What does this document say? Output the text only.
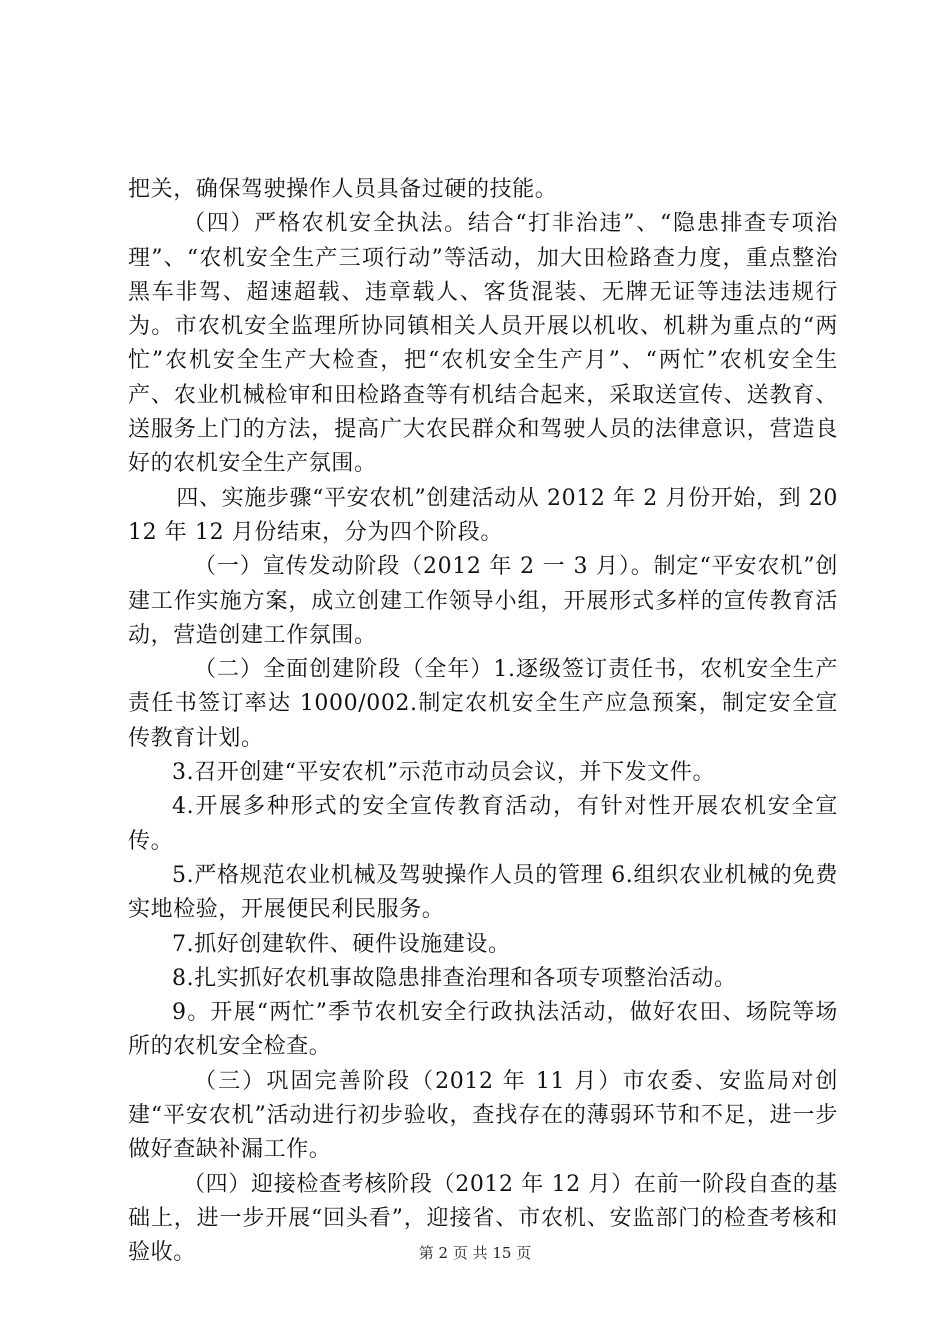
把关，确保驾驶操作人员具备过硬的技能。

（四）严格农机安全执法。结合“打非治违”、“隐患排查专项治理”、“农机安全生产三项行动”等活动，加大田检路查力度，重点整治黑车非驾、超速超载、违章载人、客货混装、无牌无证等违法违规行为。市农机安全监理所协同镇相关人员开展以机收、机耕为重点的“两忙”农机安全生产大检查，把“农机安全生产月”、“两忙”农机安全生产、农业机械检审和田检路查等有机结合起来，采取送宣传、送教育、送服务上门的方法，提高广大农民群众和驾驶人员的法律意识，营造良好的农机安全生产氛围。

四、实施步骤“平安农机”创建活动从 2012 年 2 月份开始，到 2012 年 12 月份结束，分为四个阶段。

（一）宣传发动阶段（2012 年 2 一 3 月）。制定“平安农机”创建工作实施方案，成立创建工作领导小组，开展形式多样的宣传教育活动，营造创建工作氛围。

（二）全面创建阶段（全年）1.逐级签订责任书，农机安全生产责任书签订率达 1000/002.制定农机安全生产应急预案，制定安全宣传教育计划。

3.召开创建“平安农机”示范市动员会议，并下发文件。

4.开展多种形式的安全宣传教育活动，有针对性开展农机安全宣传。

5.严格规范农业机械及驾驶操作人员的管理 6.组织农业机械的免费实地检验，开展便民利民服务。

7.抓好创建软件、硬件设施建设。

8.扎实抓好农机事故隐患排查治理和各项专项整治活动。

9。开展“两忙”季节农机安全行政执法活动，做好农田、场院等场所的农机安全检查。

（三）巩固完善阶段（2012 年 11 月）市农委、安监局对创建“平安农机”活动进行初步验收，查找存在的薄弱环节和不足，进一步做好查缺补漏工作。

（四）迎接检查考核阶段（2012 年 12 月）在前一阶段自查的基础上，进一步开展“回头看”，迎接省、市农机、安监部门的检查考核和验收。	第 2 页 共 15 页
